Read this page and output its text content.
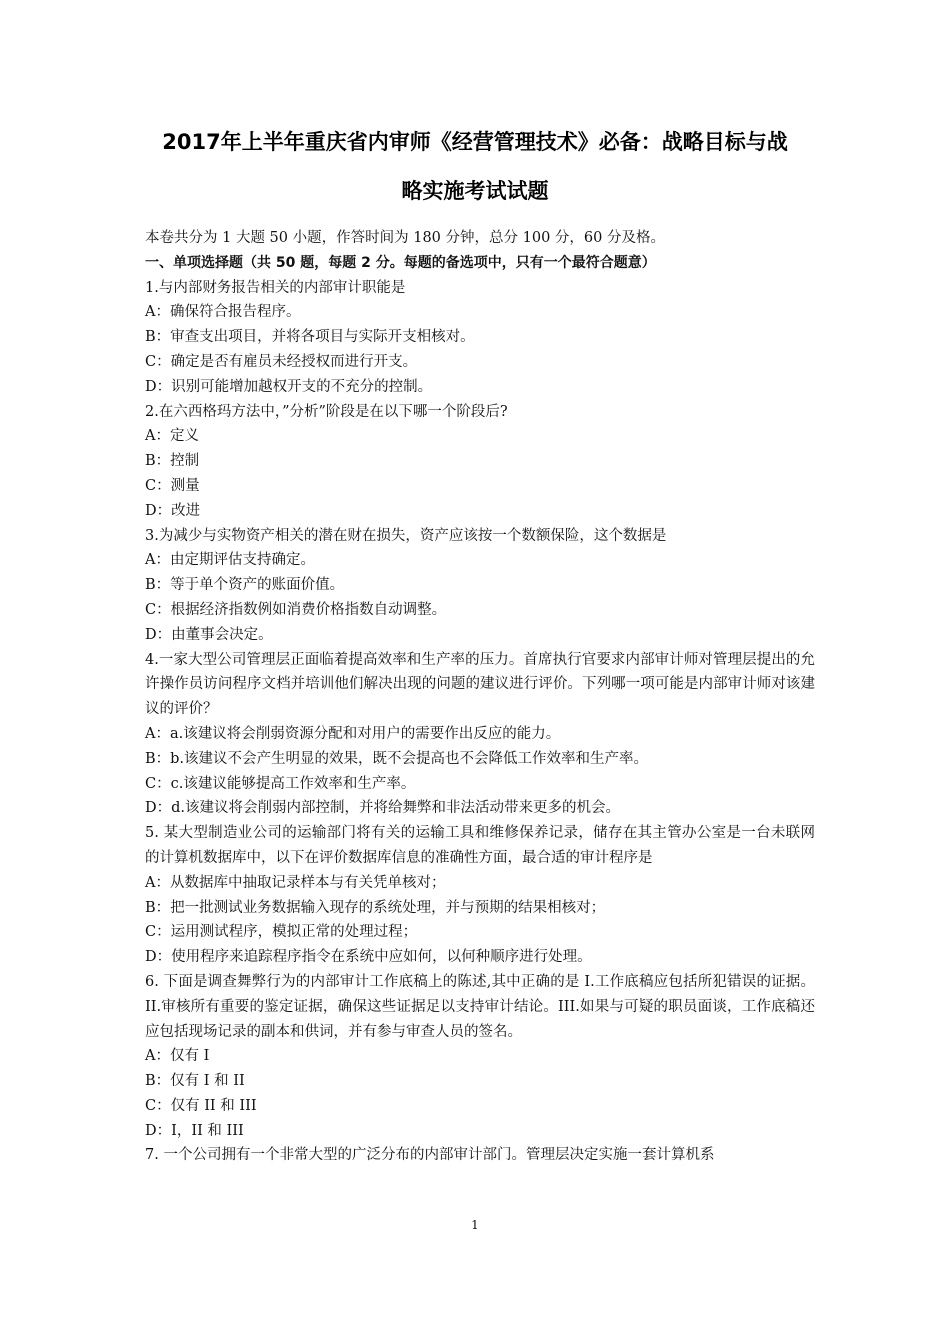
2017年上半年重庆省内审师《经营管理技术》必备：战略目标与战
略实施考试试题
本卷共分为 1 大题 50 小题，作答时间为 180 分钟，总分 100 分，60 分及格。
一、单项选择题（共 50 题，每题 2 分。每题的备选项中，只有一个最符合题意）
1.与内部财务报告相关的内部审计职能是
A：确保符合报告程序。
B：审查支出项目，并将各项目与实际开支相核对。
C：确定是否有雇员未经授权而进行开支。
D：识别可能增加越权开支的不充分的控制。
2.在六西格玛方法中，”分析”阶段是在以下哪一个阶段后?
A：定义
B：控制
C：测量
D：改进
3.为减少与实物资产相关的潜在财在损失，资产应该按一个数额保险，这个数据是
A：由定期评估支持确定。
B：等于单个资产的账面价值。
C：根据经济指数例如消费价格指数自动调整。
D：由董事会决定。
4.一家大型公司管理层正面临着提高效率和生产率的压力。首席执行官要求内部审计师对管理层提出的允许操作员访问程序文档并培训他们解决出现的问题的建议进行评价。下列哪一项可能是内部审计师对该建议的评价？
A：a.该建议将会削弱资源分配和对用户的需要作出反应的能力。
B：b.该建议不会产生明显的效果，既不会提高也不会降低工作效率和生产率。
C：c.该建议能够提高工作效率和生产率。
D：d.该建议将会削弱内部控制，并将给舞弊和非法活动带来更多的机会。
5. 某大型制造业公司的运输部门将有关的运输工具和维修保养记录，储存在其主管办公室是一台未联网的计算机数据库中，以下在评价数据库信息的准确性方面，最合适的审计程序是
A：从数据库中抽取记录样本与有关凭单核对；
B：把一批测试业务数据输入现存的系统处理，并与预期的结果相核对；
C：运用测试程序，模拟正常的处理过程；
D：使用程序来追踪程序指令在系统中应如何，以何种顺序进行处理。
6. 下面是调查舞弊行为的内部审计工作底稿上的陈述,其中正确的是 I.工作底稿应包括所犯错误的证据。II.审核所有重要的鉴定证据，确保这些证据足以支持审计结论。III.如果与可疑的职员面谈，工作底稿还应包括现场记录的副本和供词，并有参与审查人员的签名。
A：仅有 I
B：仅有 I 和 II
C：仅有 II 和 III
D：I，II 和 III
7. 一个公司拥有一个非常大型的广泛分布的内部审计部门。管理层决定实施一套计算机系
1
